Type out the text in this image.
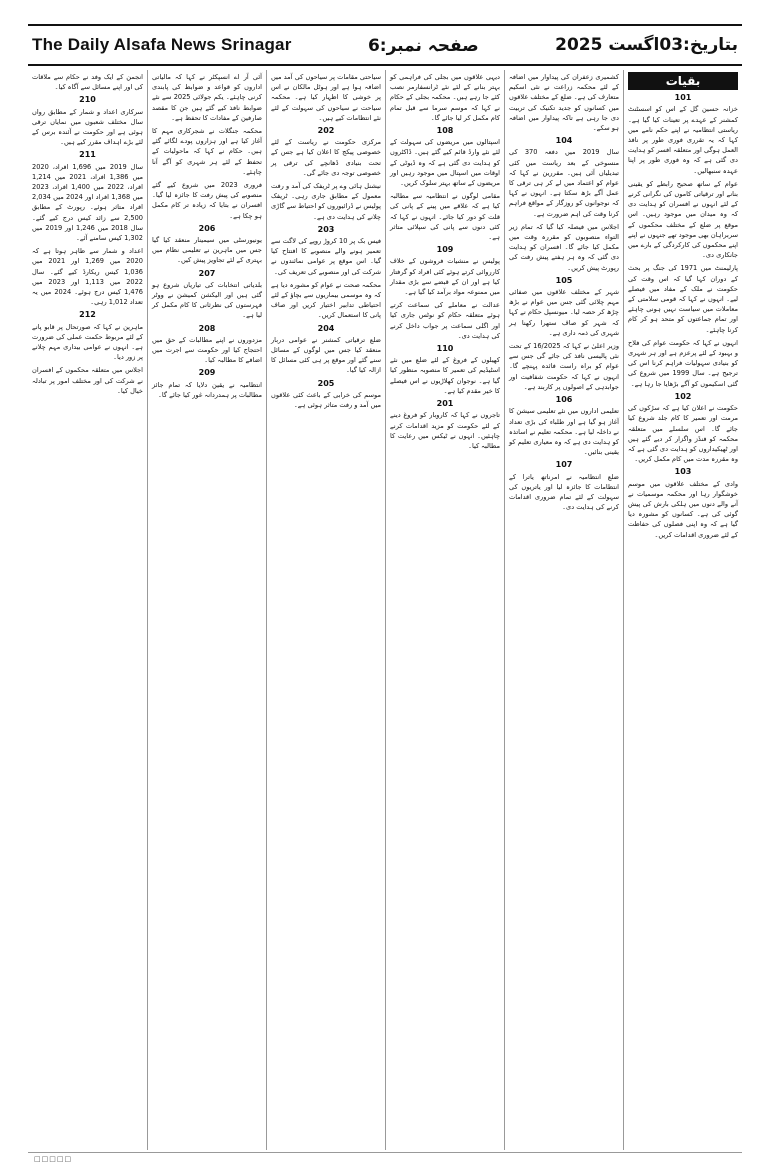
The Daily Alsafa News Srinagar	صفحہ نمبر:6	بتاریخ:03اگست 2025
بقیات
101

خزانہ حسین گل کے اس کو اسسٹنٹ کمشنر کے عہدے پر تعینات کیا گیا ہے۔ ریاستی انتظامیہ نے اپنے حکم نامے میں کہا کہ یہ تقرری فوری طور پر نافذ العمل ہوگی اور متعلقہ افسر کو ہدایت دی گئی ہے کہ وہ فوری طور پر اپنا عہدہ سنبھالیں۔

عوام کے ساتھ صحیح رابطے کو یقینی بنانے اور ترقیاتی کاموں کی نگرانی کرنے کے لئے انہوں نے افسران کو ہدایت دی کہ وہ میدان میں موجود رہیں۔ اس موقع پر ضلع کے مختلف محکموں کے سربراہان بھی موجود تھے جنہوں نے اپنے اپنے محکموں کی کارکردگی کے بارے میں جانکاری دی۔

پارلیمنٹ میں 1971 کی جنگ پر بحث کے دوران کہا گیا کہ اس وقت کی حکومت نے ملک کے مفاد میں فیصلے لیے۔ انہوں نے کہا کہ قومی سلامتی کے معاملات میں سیاست نہیں ہونی چاہئے اور تمام جماعتوں کو متحد ہو کر کام کرنا چاہئے۔

انہوں نے کہا کہ حکومت عوام کی فلاح و بہبود کے لئے پرعزم ہے اور ہر شہری کو بنیادی سہولیات فراہم کرنا اس کی ترجیح ہے۔ سال 1999 میں شروع کی گئی اسکیموں کو آگے بڑھایا جا رہا ہے۔

102

حکومت نے اعلان کیا ہے کہ سڑکوں کی مرمت اور تعمیر کا کام جلد شروع کیا جائے گا۔ اس سلسلے میں متعلقہ محکمہ کو فنڈز واگزار کر دیے گئے ہیں اور ٹھیکیداروں کو ہدایت دی گئی ہے کہ وہ مقررہ مدت میں کام مکمل کریں۔

103

وادی کے مختلف علاقوں میں موسم خوشگوار رہا اور محکمہ موسمیات نے آنے والے دنوں میں ہلکی بارش کی پیش گوئی کی ہے۔ کسانوں کو مشورہ دیا گیا ہے کہ وہ اپنی فصلوں کی حفاظت کے لئے ضروری اقدامات کریں۔

کشمیری زعفران کی پیداوار میں اضافہ کے لئے محکمہ زراعت نے نئی اسکیم متعارف کی ہے۔ ضلع کے مختلف علاقوں میں کسانوں کو جدید تکنیک کی تربیت دی جا رہی ہے تاکہ پیداوار میں اضافہ ہو سکے۔

104

سال 2019 میں دفعہ 370 کی منسوخی کے بعد ریاست میں کئی تبدیلیاں آئی ہیں۔ مقررین نے کہا کہ عوام کو اعتماد میں لے کر ہی ترقی کا عمل آگے بڑھ سکتا ہے۔ انہوں نے کہا کہ نوجوانوں کو روزگار کے مواقع فراہم کرنا وقت کی اہم ضرورت ہے۔

اجلاس میں فیصلہ کیا گیا کہ تمام زیر التواء منصوبوں کو مقررہ وقت میں مکمل کیا جائے گا۔ افسران کو ہدایت دی گئی کہ وہ ہر ہفتے پیش رفت کی رپورٹ پیش کریں۔

105

شہر کے مختلف علاقوں میں صفائی مہم چلائی گئی جس میں عوام نے بڑھ چڑھ کر حصہ لیا۔ میونسپل حکام نے کہا کہ شہر کو صاف ستھرا رکھنا ہر شہری کی ذمہ داری ہے۔

وزیر اعلیٰ نے کہا کہ 16/2025 کے تحت نئی پالیسی نافذ کی جائے گی جس سے عوام کو براہ راست فائدہ پہنچے گا۔ انہوں نے کہا کہ حکومت شفافیت اور جوابدہی کے اصولوں پر کاربند ہے۔

106

تعلیمی اداروں میں نئے تعلیمی سیشن کا آغاز ہو گیا ہے اور طلباء کی بڑی تعداد نے داخلہ لیا ہے۔ محکمہ تعلیم نے اساتذہ کو ہدایت دی ہے کہ وہ معیاری تعلیم کو یقینی بنائیں۔

107

ضلع انتظامیہ نے امرناتھ یاترا کے انتظامات کا جائزہ لیا اور یاتریوں کی سہولت کے لئے تمام ضروری اقدامات کرنے کی ہدایت دی۔

دیہی علاقوں میں بجلی کی فراہمی کو بہتر بنانے کے لئے نئے ٹرانسفارمر نصب کئے جا رہے ہیں۔ محکمہ بجلی کے حکام نے کہا کہ موسم سرما سے قبل تمام کام مکمل کر لیا جائے گا۔

108

اسپتالوں میں مریضوں کی سہولت کے لئے نئے وارڈ قائم کیے گئے ہیں۔ ڈاکٹروں کو ہدایت دی گئی ہے کہ وہ ڈیوٹی کے اوقات میں اسپتال میں موجود رہیں اور مریضوں کے ساتھ بہتر سلوک کریں۔

مقامی لوگوں نے انتظامیہ سے مطالبہ کیا ہے کہ علاقے میں پینے کے پانی کی قلت کو دور کیا جائے۔ انہوں نے کہا کہ کئی دنوں سے پانی کی سپلائی متاثر ہے۔

109

پولیس نے منشیات فروشوں کے خلاف کارروائی کرتے ہوئے کئی افراد کو گرفتار کیا ہے اور ان کے قبضے سے بڑی مقدار میں ممنوعہ مواد برآمد کیا گیا ہے۔

عدالت نے معاملے کی سماعت کرتے ہوئے متعلقہ حکام کو نوٹس جاری کیا اور اگلی سماعت پر جواب داخل کرنے کی ہدایت دی۔

110

کھیلوں کے فروغ کے لئے ضلع میں نئے اسٹیڈیم کی تعمیر کا منصوبہ منظور کیا گیا ہے۔ نوجوان کھلاڑیوں نے اس فیصلے کا خیر مقدم کیا ہے۔

201

تاجروں نے کہا کہ کاروبار کو فروغ دینے کے لئے حکومت کو مزید اقدامات کرنے چاہئیں۔ انہوں نے ٹیکس میں رعایت کا مطالبہ کیا۔

سیاحتی مقامات پر سیاحوں کی آمد میں اضافہ ہوا ہے اور ہوٹل مالکان نے اس پر خوشی کا اظہار کیا ہے۔ محکمہ سیاحت نے سیاحوں کی سہولت کے لئے نئے انتظامات کیے ہیں۔

202

مرکزی حکومت نے ریاست کے لئے خصوصی پیکج کا اعلان کیا ہے جس کے تحت بنیادی ڈھانچے کی ترقی پر خصوصی توجہ دی جائے گی۔

نیشنل ہائی وے پر ٹریفک کی آمد و رفت معمول کے مطابق جاری رہی۔ ٹریفک پولیس نے ڈرائیوروں کو احتیاط سے گاڑی چلانے کی ہدایت دی ہے۔

203

فیس بک پر 10 کروڑ روپے کی لاگت سے تعمیر ہونے والے منصوبے کا افتتاح کیا گیا۔ اس موقع پر عوامی نمائندوں نے شرکت کی اور منصوبے کی تعریف کی۔

محکمہ صحت نے عوام کو مشورہ دیا ہے کہ وہ موسمی بیماریوں سے بچاؤ کے لئے احتیاطی تدابیر اختیار کریں اور صاف پانی کا استعمال کریں۔

204

ضلع ترقیاتی کمشنر نے عوامی دربار منعقد کیا جس میں لوگوں کے مسائل سنے گئے اور موقع پر ہی کئی مسائل کا ازالہ کیا گیا۔

205

موسم کی خرابی کے باعث کئی علاقوں میں آمد و رفت متاثر ہوئی ہے۔

آئی آر اے انسپکٹر نے کہا کہ مالیاتی اداروں کو قواعد و ضوابط کی پابندی کرنی چاہئے۔ یکم جولائی 2025 سے نئے ضوابط نافذ کیے گئے ہیں جن کا مقصد صارفین کے مفادات کا تحفظ ہے۔

محکمہ جنگلات نے شجرکاری مہم کا آغاز کیا ہے اور ہزاروں پودے لگائے گئے ہیں۔ حکام نے کہا کہ ماحولیات کے تحفظ کے لئے ہر شہری کو آگے آنا چاہئے۔

فروری 2023 میں شروع کیے گئے منصوبے کی پیش رفت کا جائزہ لیا گیا۔ افسران نے بتایا کہ زیادہ تر کام مکمل ہو چکا ہے۔

206

یونیورسٹی میں سیمینار منعقد کیا گیا جس میں ماہرین نے تعلیمی نظام میں بہتری کے لئے تجاویز پیش کیں۔

207

بلدیاتی انتخابات کی تیاریاں شروع ہو گئی ہیں اور الیکشن کمیشن نے ووٹر فہرستوں کی نظرثانی کا کام مکمل کر لیا ہے۔

208

مزدوروں نے اپنے مطالبات کے حق میں احتجاج کیا اور حکومت سے اجرت میں اضافے کا مطالبہ کیا۔

209

انتظامیہ نے یقین دلایا کہ تمام جائز مطالبات پر ہمدردانہ غور کیا جائے گا۔

انجمن کے ایک وفد نے حکام سے ملاقات کی اور اپنے مسائل سے آگاہ کیا۔

210

سرکاری اعداد و شمار کے مطابق رواں سال مختلف شعبوں میں نمایاں ترقی ہوئی ہے اور حکومت نے آئندہ برس کے لئے بڑے اہداف مقرر کیے ہیں۔

211

سال 2019 میں 1,696 افراد، 2020 میں 1,386 افراد، 2021 میں 1,214 افراد، 2022 میں 1,400 افراد، 2023 میں 1,368 افراد اور 2024 میں 2,034 افراد متاثر ہوئے۔ رپورٹ کے مطابق 2,500 سے زائد کیس درج کیے گئے۔ سال 2018 میں 1,246 اور 2019 میں 1,302 کیس سامنے آئے۔

اعداد و شمار سے ظاہر ہوتا ہے کہ 2020 میں 1,269 اور 2021 میں 1,036 کیس ریکارڈ کیے گئے۔ سال 2022 میں 1,113 اور 2023 میں 1,476 کیس درج ہوئے۔ 2024 میں یہ تعداد 1,012 رہی۔

212

ماہرین نے کہا کہ صورتحال پر قابو پانے کے لئے مربوط حکمت عملی کی ضرورت ہے۔ انہوں نے عوامی بیداری مہم چلانے پر زور دیا۔

اجلاس میں متعلقہ محکموں کے افسران نے شرکت کی اور مختلف امور پر تبادلہ خیال کیا۔

□□□□□
